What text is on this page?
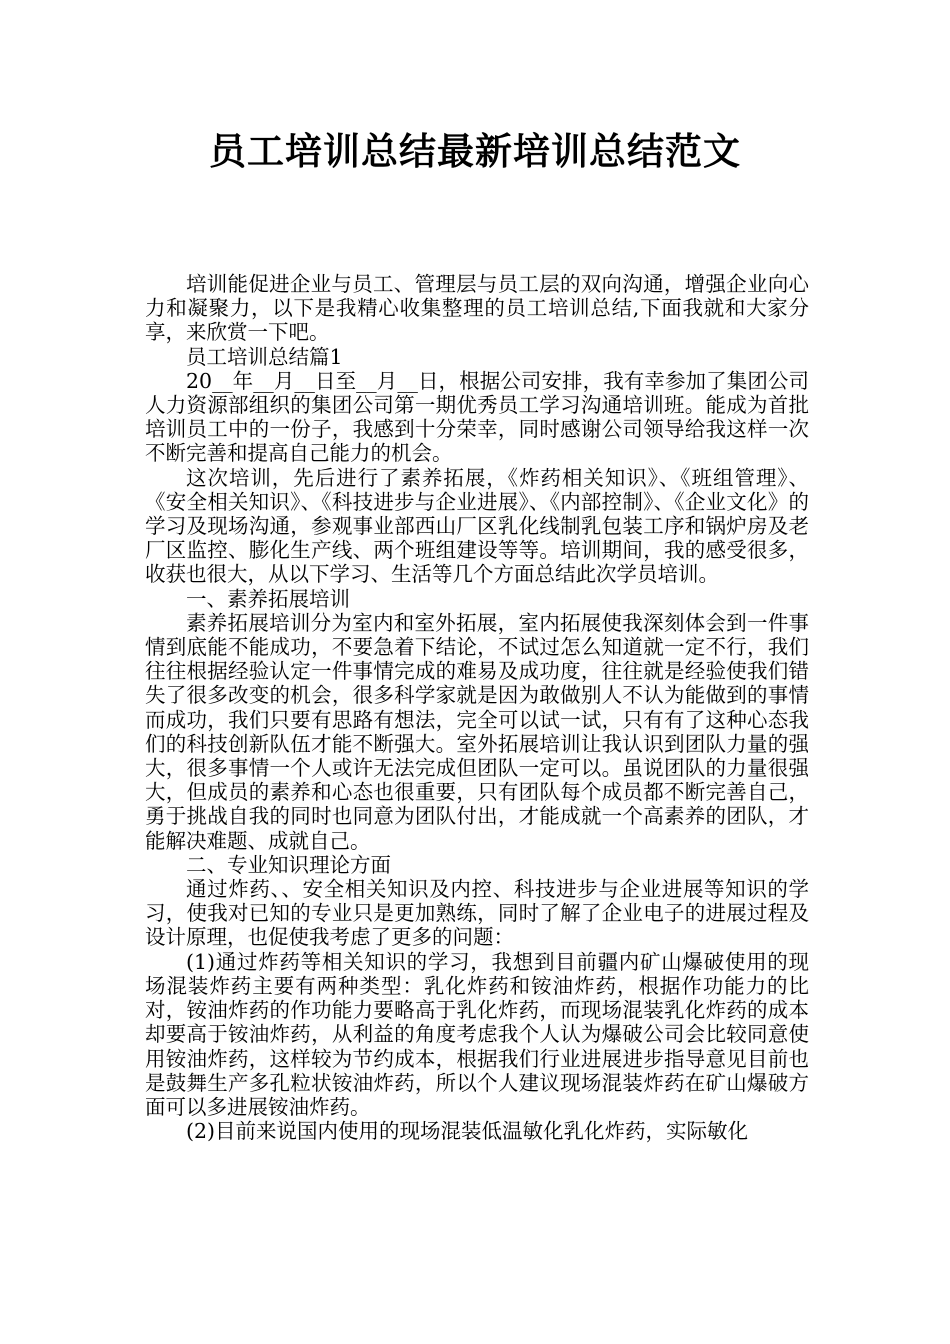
员工培训总结最新培训总结范文

培训能促进企业与员工、管理层与员工层的双向沟通，增强企业向心力和凝聚力，以下是我精心收集整理的员工培训总结,下面我就和大家分享，来欣赏一下吧。

员工培训总结篇1

20__年__月__日至__月__日，根据公司安排，我有幸参加了集团公司人力资源部组织的集团公司第一期优秀员工学习沟通培训班。能成为首批培训员工中的一份子，我感到十分荣幸，同时感谢公司领导给我这样一次不断完善和提高自己能力的机会。

这次培训，先后进行了素养拓展，《炸药相关知识》、《班组管理》、《安全相关知识》、《科技进步与企业进展》、《内部控制》、《企业文化》的学习及现场沟通，参观事业部西山厂区乳化线制乳包装工序和锅炉房及老厂区监控、膨化生产线、两个班组建设等等。培训期间，我的感受很多，收获也很大，从以下学习、生活等几个方面总结此次学员培训。

一、素养拓展培训

素养拓展培训分为室内和室外拓展，室内拓展使我深刻体会到一件事情到底能不能成功，不要急着下结论，不试过怎么知道就一定不行，我们往往根据经验认定一件事情完成的难易及成功度，往往就是经验使我们错失了很多改变的机会，很多科学家就是因为敢做别人不认为能做到的事情而成功，我们只要有思路有想法，完全可以试一试，只有有了这种心态我们的科技创新队伍才能不断强大。室外拓展培训让我认识到团队力量的强大，很多事情一个人或许无法完成但团队一定可以。虽说团队的力量很强大，但成员的素养和心态也很重要，只有团队每个成员都不断完善自己，勇于挑战自我的同时也同意为团队付出，才能成就一个高素养的团队，才能解决难题、成就自己。

二、专业知识理论方面

通过炸药、、安全相关知识及内控、科技进步与企业进展等知识的学习，使我对已知的专业只是更加熟练，同时了解了企业电子的进展过程及设计原理，也促使我考虑了更多的问题：

(1)通过炸药等相关知识的学习，我想到目前疆内矿山爆破使用的现场混装炸药主要有两种类型：乳化炸药和铵油炸药，根据作功能力的比对，铵油炸药的作功能力要略高于乳化炸药，而现场混装乳化炸药的成本却要高于铵油炸药，从利益的角度考虑我个人认为爆破公司会比较同意使用铵油炸药，这样较为节约成本，根据我们行业进展进步指导意见目前也是鼓舞生产多孔粒状铵油炸药，所以个人建议现场混装炸药在矿山爆破方面可以多进展铵油炸药。

(2)目前来说国内使用的现场混装低温敏化乳化炸药，实际敏化
